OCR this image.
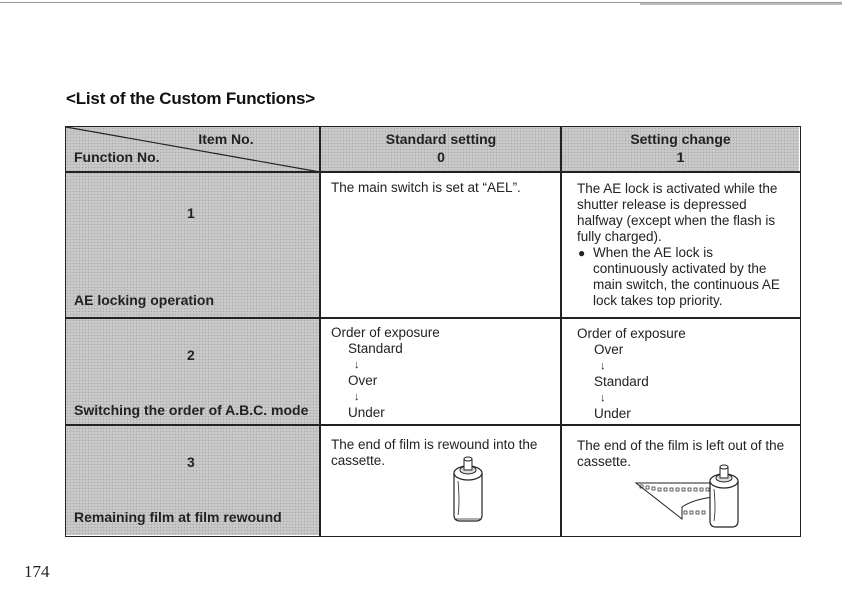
<List of the Custom Functions>
Item No.
Function No.
Standard setting
0
Setting change
1
1
AE locking operation
The main switch is set at “AEL”.	The AE lock is activated while the
shutter release is depressed
halfway (except when the flash is
fully charged).
● When the AE lock is
continuously activated by the
main switch, the continuous AE
lock takes top priority.
2
Switching the order of A.B.C. mode
Order of exposure
Standard
↓
Over
↓
Under
Order of exposure
Over
↓
Standard
↓
Under
3
Remaining film at film rewound
The end of film is rewound into the
cassette.
The end of the film is left out of the
cassette.
174
